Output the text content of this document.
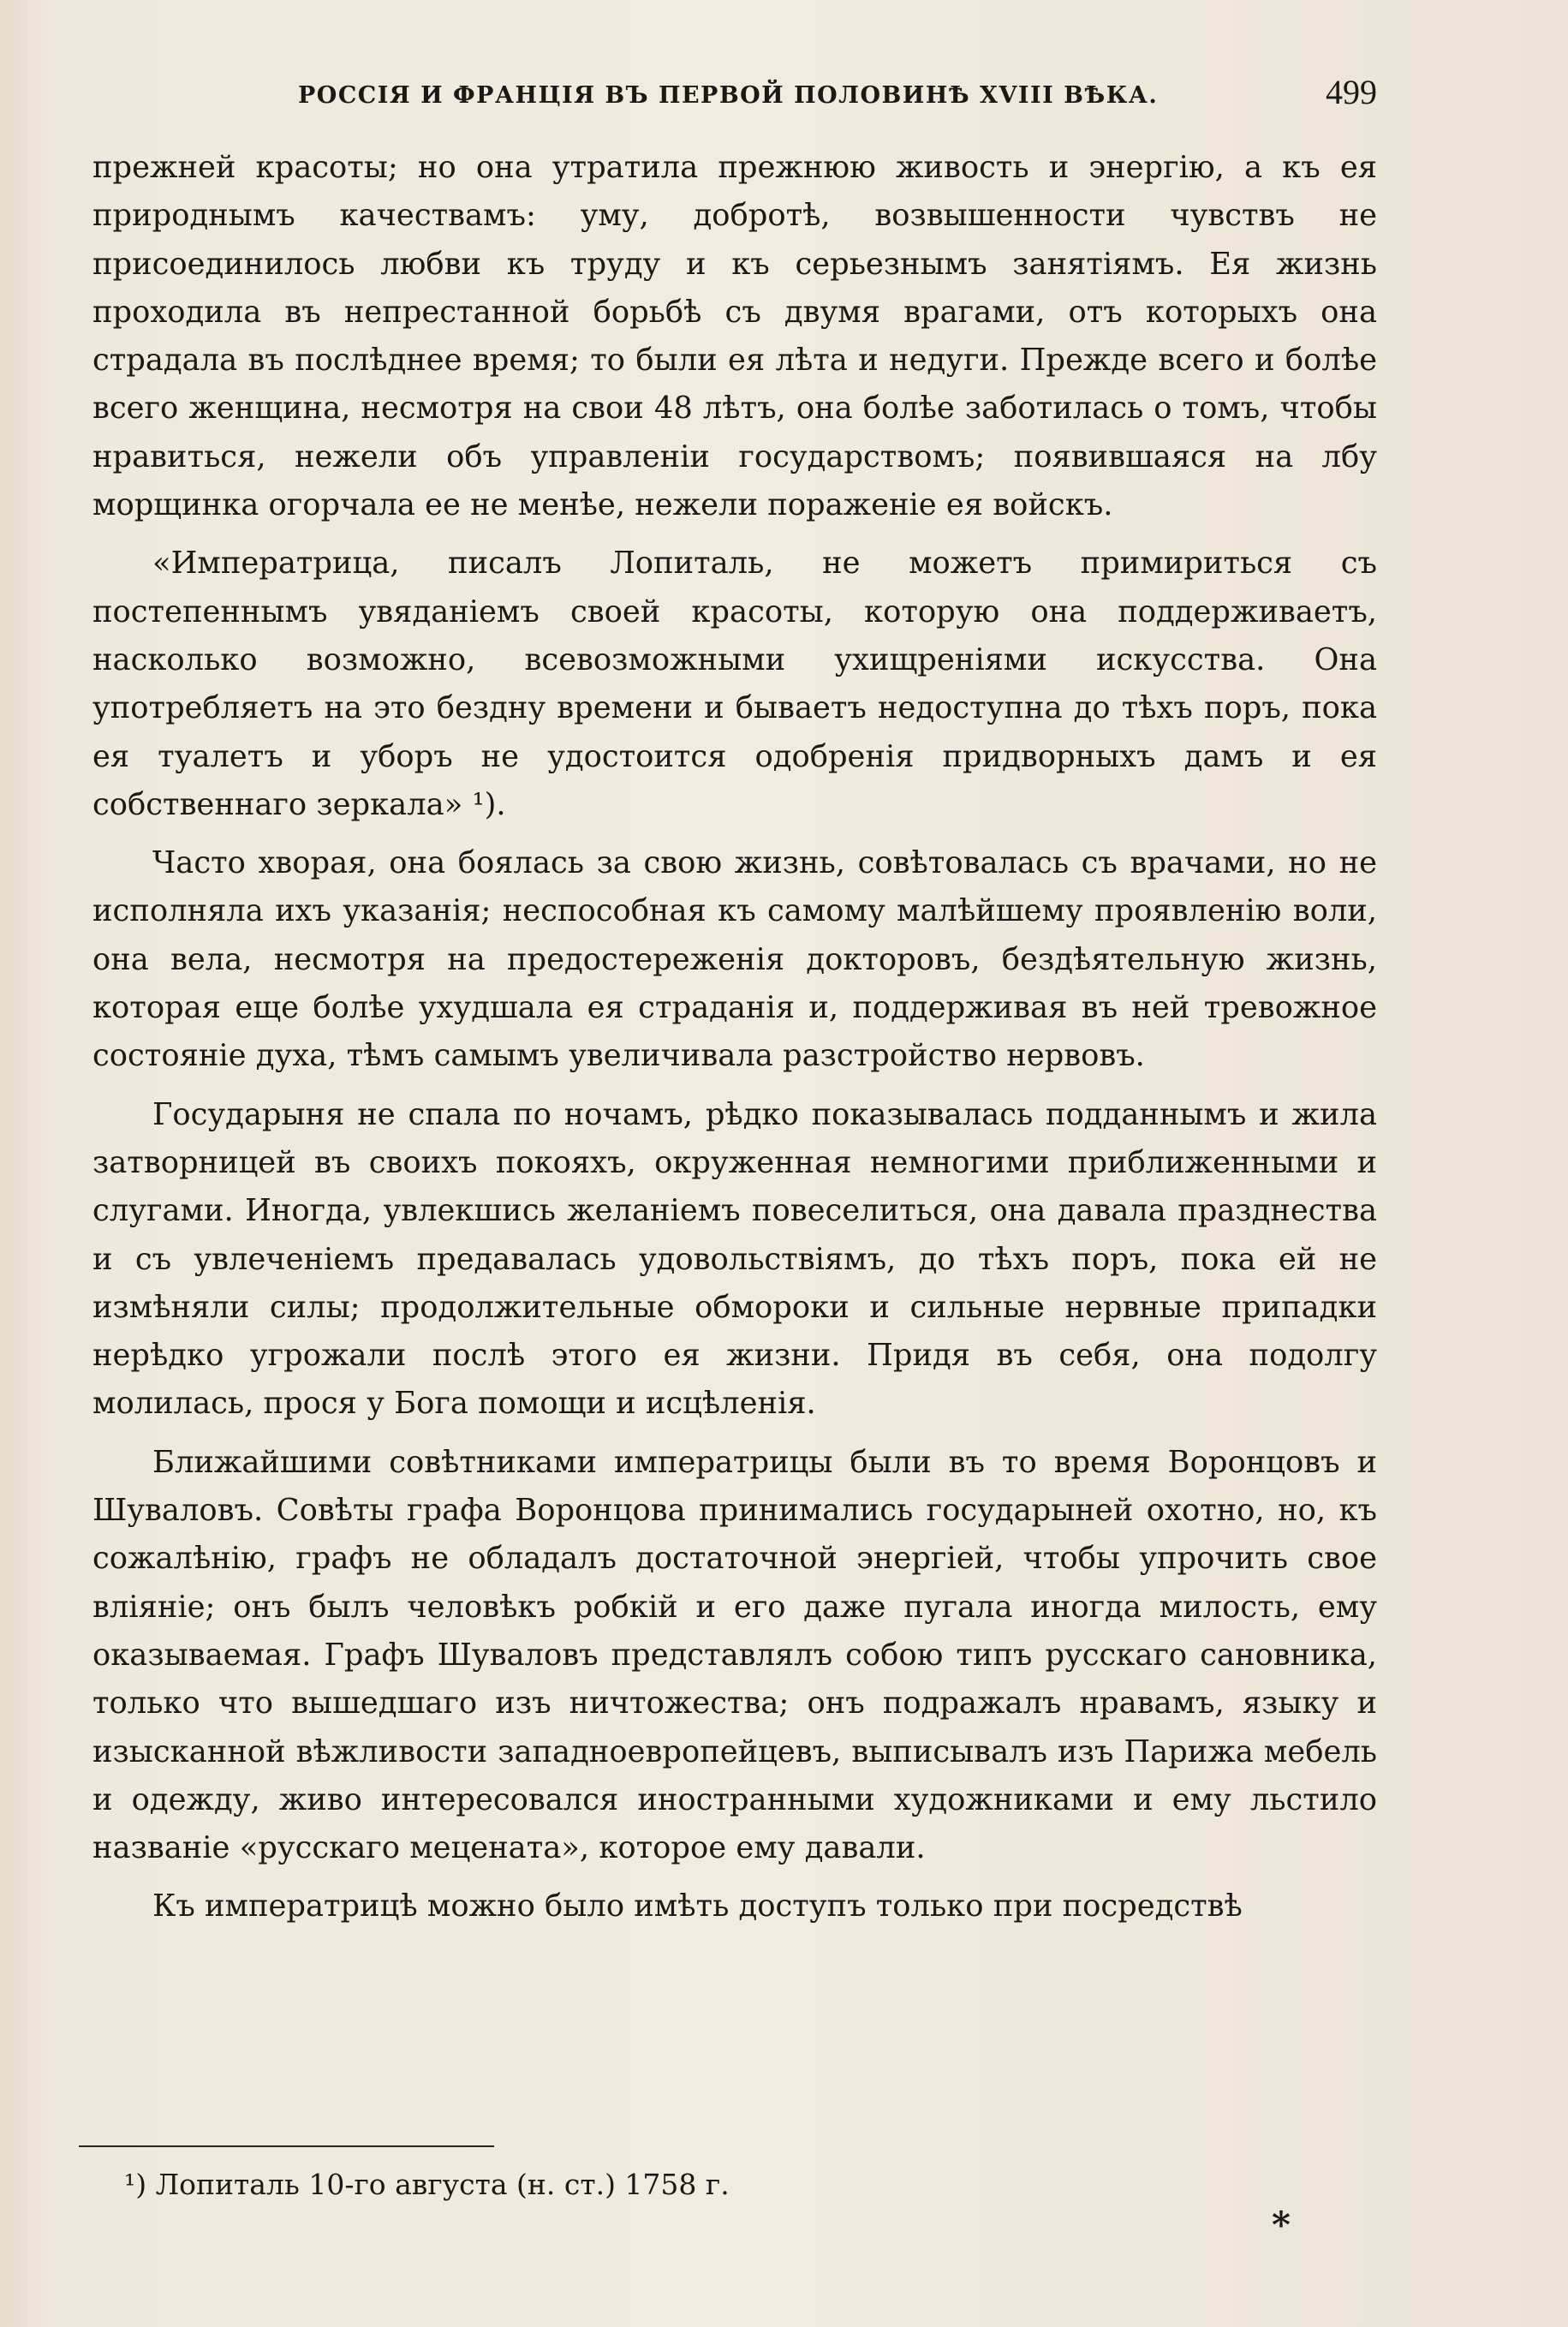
РОССІЯ И ФРАНЦІЯ ВЪ ПЕРВОЙ ПОЛОВИНѢ XVIII ВѢКА.	499

прежней красоты; но она утратила прежнюю живость и энергію, а къ ея природнымъ качествамъ: уму, добротѣ, возвышенности чувствъ не присоединилось любви къ труду и къ серьезнымъ занятіямъ. Ея жизнь проходила въ непрестанной борьбѣ съ двумя врагами, отъ которыхъ она страдала въ послѣднее время; то были ея лѣта и недуги. Прежде всего и болѣе всего женщина, несмотря на свои 48 лѣтъ, она болѣе заботилась о томъ, чтобы нравиться, нежели объ управленіи государствомъ; появившаяся на лбу морщинка огорчала ее не менѣе, нежели пораженіе ея войскъ.

«Императрица, писалъ Лопиталь, не можетъ примириться съ постепеннымъ увяданіемъ своей красоты, которую она поддерживаетъ, насколько возможно, всевозможными ухищреніями искусства. Она употребляетъ на это бездну времени и бываетъ недоступна до тѣхъ поръ, пока ея туалетъ и уборъ не удостоится одобренія придворныхъ дамъ и ея собственнаго зеркала» ¹).

Часто хворая, она боялась за свою жизнь, совѣтовалась съ врачами, но не исполняла ихъ указанія; неспособная къ самому малѣйшему проявленію воли, она вела, несмотря на предостереженія докторовъ, бездѣятельную жизнь, которая еще болѣе ухудшала ея страданія и, поддерживая въ ней тревожное состояніе духа, тѣмъ самымъ увеличивала разстройство нервовъ.

Государыня не спала по ночамъ, рѣдко показывалась подданнымъ и жила затворницей въ своихъ покояхъ, окруженная немногими приближенными и слугами. Иногда, увлекшись желаніемъ повеселиться, она давала празднества и съ увлеченіемъ предавалась удовольствіямъ, до тѣхъ поръ, пока ей не измѣняли силы; продолжительные обмороки и сильные нервные припадки нерѣдко угрожали послѣ этого ея жизни. Придя въ себя, она подолгу молилась, прося у Бога помощи и исцѣленія.

Ближайшими совѣтниками императрицы были въ то время Воронцовъ и Шуваловъ. Совѣты графа Воронцова принимались государыней охотно, но, къ сожалѣнію, графъ не обладалъ достаточной энергіей, чтобы упрочить свое вліяніе; онъ былъ человѣкъ робкій и его даже пугала иногда милость, ему оказываемая. Графъ Шуваловъ представлялъ собою типъ русскаго сановника, только что вышедшаго изъ ничтожества; онъ подражалъ нравамъ, языку и изысканной вѣжливости западноевропейцевъ, выписывалъ изъ Парижа мебель и одежду, живо интересовался иностранными художниками и ему льстило названіе «русскаго мецената», которое ему давали.

Къ императрицѣ можно было имѣть доступъ только при посредствѣ

¹) Лопиталь 10-го августа (н. ст.) 1758 г.
*
